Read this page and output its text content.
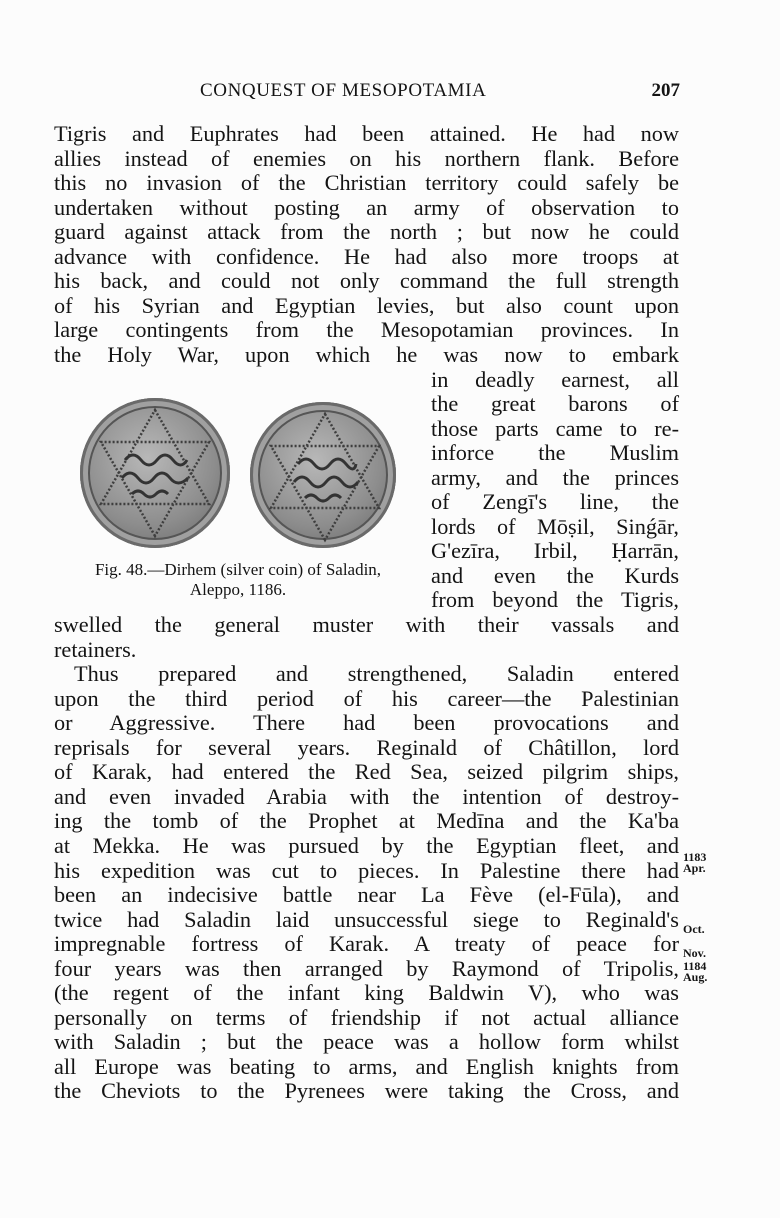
CONQUEST OF MESOPOTAMIA	207
Tigris and Euphrates had been attained. He had now
allies instead of enemies on his northern flank. Before
this no invasion of the Christian territory could safely be
undertaken without posting an army of observation to
guard against attack from the north ; but now he could
advance with confidence. He had also more troops at
his back, and could not only command the full strength
of his Syrian and Egyptian levies, but also count upon
large contingents from the Mesopotamian provinces. In
the Holy War, upon which he was now to embark
in deadly earnest, all
the great barons of
those parts came to re-
inforce the Muslim
army, and the princes
of Zengī's line, the
lords of Mōṣil, Sinǵār,
G'ezīra, Irbil, Ḥarrān,
and even the Kurds
from beyond the Tigris,
swelled the general muster with their vassals and
retainers.
Thus prepared and strengthened, Saladin entered
upon the third period of his career—the Palestinian
or Aggressive. There had been provocations and
reprisals for several years. Reginald of Châtillon, lord
of Karak, had entered the Red Sea, seized pilgrim ships,
and even invaded Arabia with the intention of destroy-
ing the tomb of the Prophet at Medīna and the Ka'ba
at Mekka. He was pursued by the Egyptian fleet, and
his expedition was cut to pieces. In Palestine there had
been an indecisive battle near La Fève (el-Fūla), and
twice had Saladin laid unsuccessful siege to Reginald's
impregnable fortress of Karak. A treaty of peace for
four years was then arranged by Raymond of Tripolis,
(the regent of the infant king Baldwin V), who was
personally on terms of friendship if not actual alliance
with Saladin ; but the peace was a hollow form whilst
all Europe was beating to arms, and English knights from
the Cheviots to the Pyrenees were taking the Cross, and
Fig. 48.—Dirhem (silver coin) of Saladin,
Aleppo, 1186.
1183
Apr.
Oct.
Nov.
1184
Aug.
